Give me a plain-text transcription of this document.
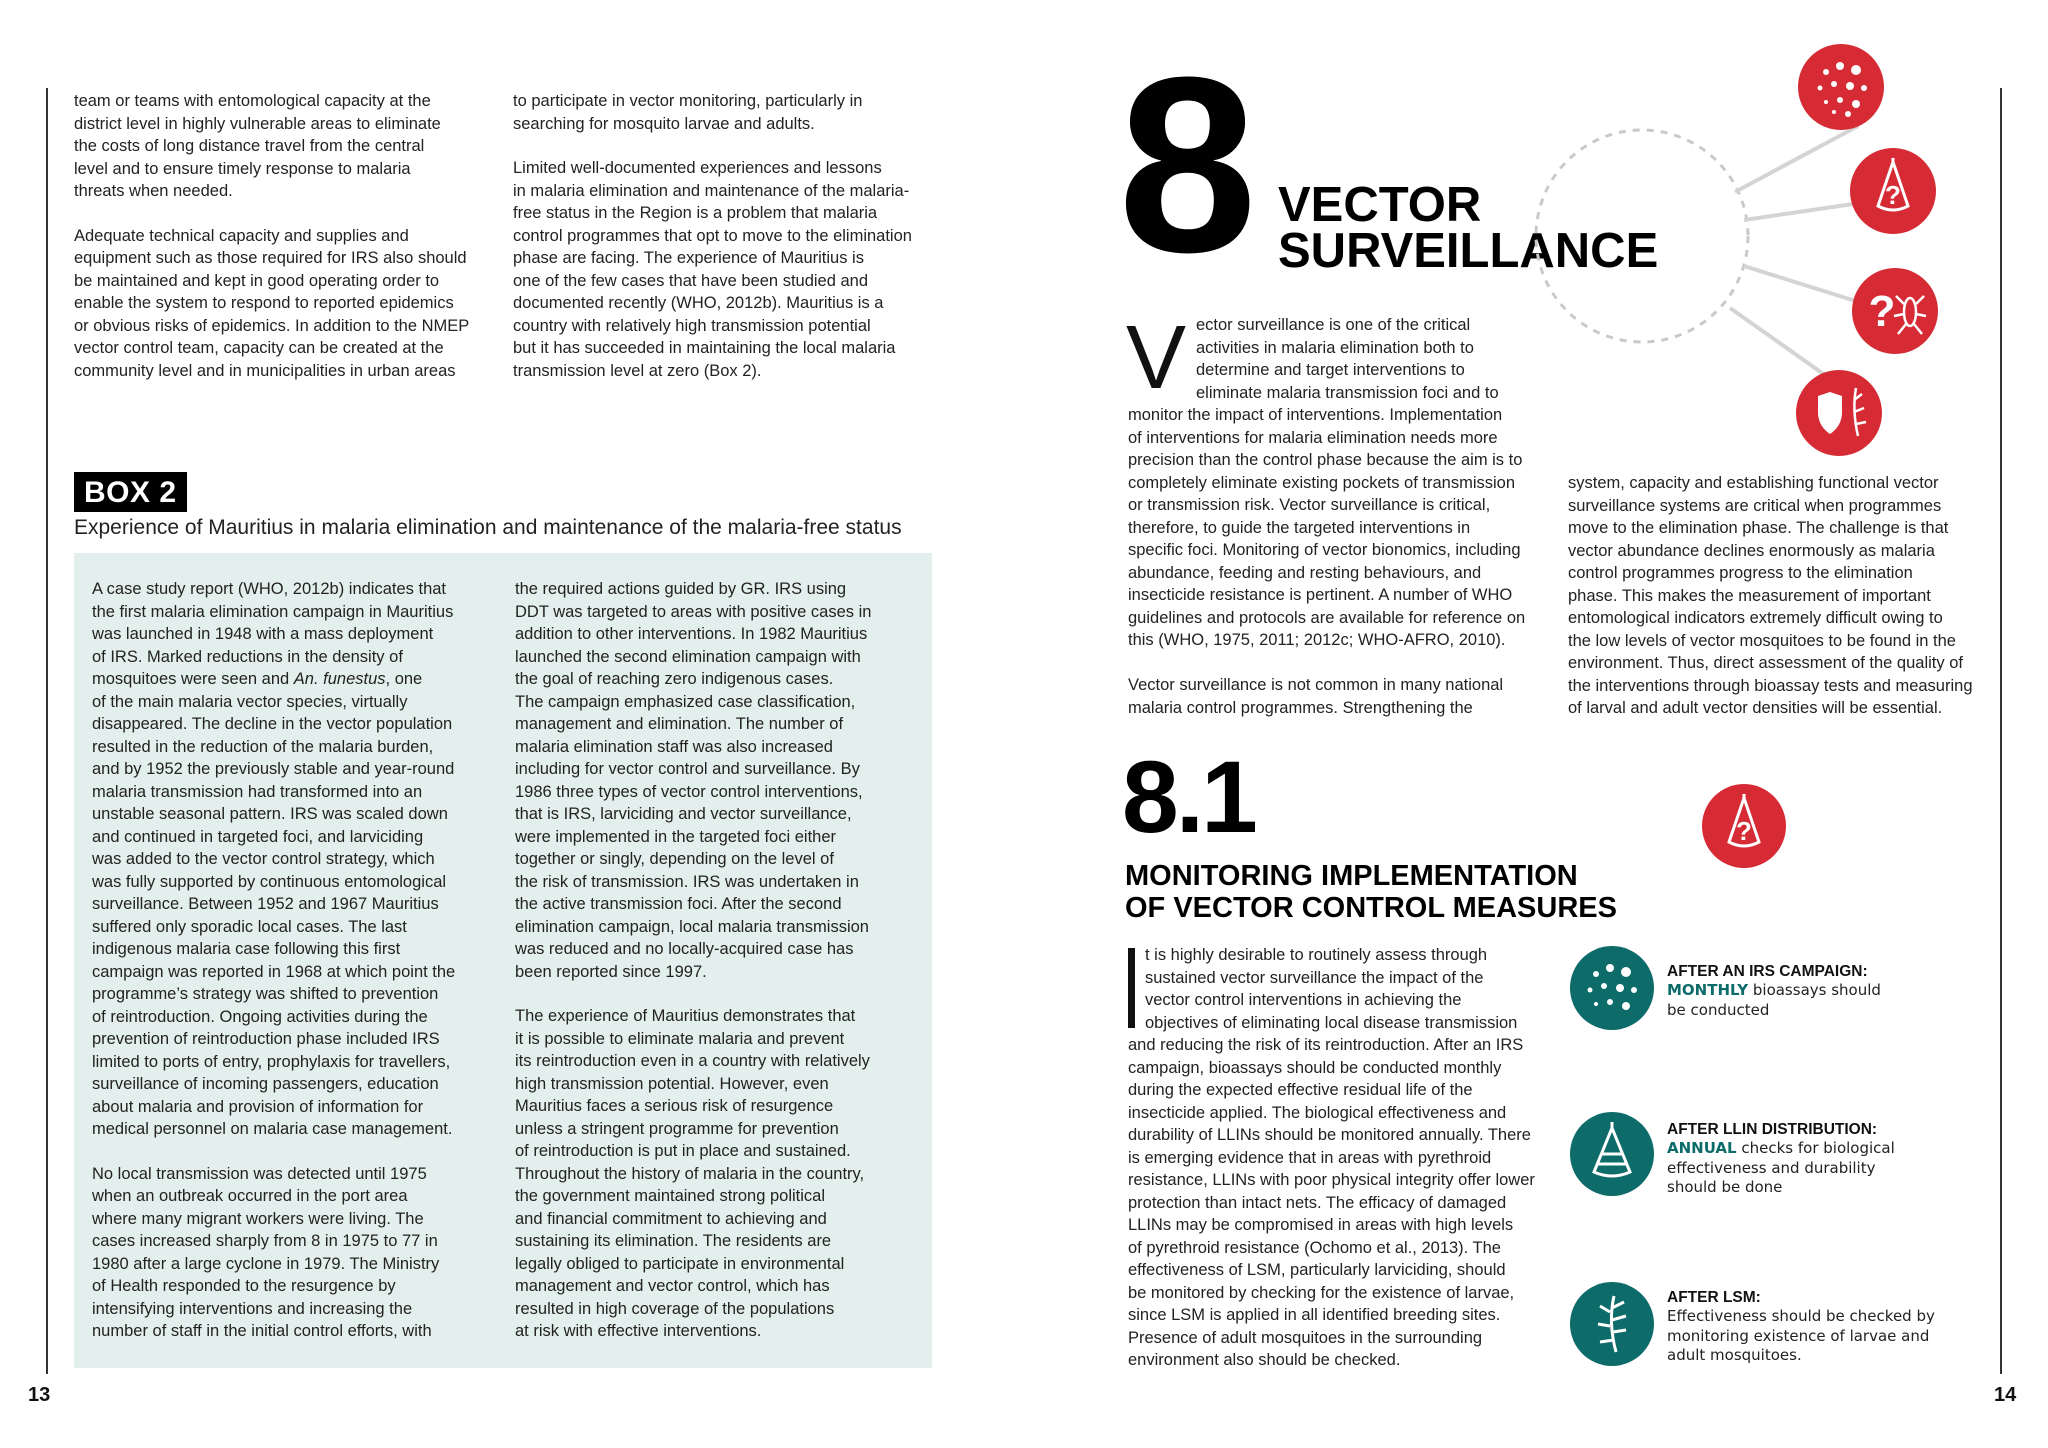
team or teams with entomological capacity at the
district level in highly vulnerable areas to eliminate
the costs of long distance travel from the central
level and to ensure timely response to malaria
threats when needed.

Adequate technical capacity and supplies and
equipment such as those required for IRS also should
be maintained and kept in good operating order to
enable the system to respond to reported epidemics
or obvious risks of epidemics. In addition to the NMEP
vector control team, capacity can be created at the
community level and in municipalities in urban areas

to participate in vector monitoring, particularly in
searching for mosquito larvae and adults.

Limited well-documented experiences and lessons
in malaria elimination and maintenance of the malaria-
free status in the Region is a problem that malaria
control programmes that opt to move to the elimination
phase are facing. The experience of Mauritius is
one of the few cases that have been studied and
documented recently (WHO, 2012b). Mauritius is a
country with relatively high transmission potential
but it has succeeded in maintaining the local malaria
transmission level at zero (Box 2).

BOX 2
Experience of Mauritius in malaria elimination and maintenance of the malaria-free status

A case study report (WHO, 2012b) indicates that
the first malaria elimination campaign in Mauritius
was launched in 1948 with a mass deployment
of IRS. Marked reductions in the density of
mosquitoes were seen and An. funestus, one
of the main malaria vector species, virtually
disappeared. The decline in the vector population
resulted in the reduction of the malaria burden,
and by 1952 the previously stable and year-round
malaria transmission had transformed into an
unstable seasonal pattern. IRS was scaled down
and continued in targeted foci, and larviciding
was added to the vector control strategy, which
was fully supported by continuous entomological
surveillance. Between 1952 and 1967 Mauritius
suffered only sporadic local cases. The last
indigenous malaria case following this first
campaign was reported in 1968 at which point the
programme’s strategy was shifted to prevention
of reintroduction. Ongoing activities during the
prevention of reintroduction phase included IRS
limited to ports of entry, prophylaxis for travellers,
surveillance of incoming passengers, education
about malaria and provision of information for
medical personnel on malaria case management.

No local transmission was detected until 1975
when an outbreak occurred in the port area
where many migrant workers were living. The
cases increased sharply from 8 in 1975 to 77 in
1980 after a large cyclone in 1979. The Ministry
of Health responded to the resurgence by
intensifying interventions and increasing the
number of staff in the initial control efforts, with

the required actions guided by GR. IRS using
DDT was targeted to areas with positive cases in
addition to other interventions. In 1982 Mauritius
launched the second elimination campaign with
the goal of reaching zero indigenous cases.
The campaign emphasized case classification,
management and elimination. The number of
malaria elimination staff was also increased
including for vector control and surveillance. By
1986 three types of vector control interventions,
that is IRS, larviciding and vector surveillance,
were implemented in the targeted foci either
together or singly, depending on the level of
the risk of transmission. IRS was undertaken in
the active transmission foci. After the second
elimination campaign, local malaria transmission
was reduced and no locally-acquired case has
been reported since 1997.

The experience of Mauritius demonstrates that
it is possible to eliminate malaria and prevent
its reintroduction even in a country with relatively
high transmission potential. However, even
Mauritius faces a serious risk of resurgence
unless a stringent programme for prevention
of reintroduction is put in place and sustained.
Throughout the history of malaria in the country,
the government maintained strong political
and financial commitment to achieving and
sustaining its elimination. The residents are
legally obliged to participate in environmental
management and vector control, which has
resulted in high coverage of the populations
at risk with effective interventions.

13
8 VECTOR
SURVEILLANCE
?
?
V ector surveillance is one of the critical
activities in malaria elimination both to
determine and target interventions to
eliminate malaria transmission foci and to

monitor the impact of interventions. Implementation
of interventions for malaria elimination needs more
precision than the control phase because the aim is to
completely eliminate existing pockets of transmission
or transmission risk. Vector surveillance is critical,
therefore, to guide the targeted interventions in
specific foci. Monitoring of vector bionomics, including
abundance, feeding and resting behaviours, and
insecticide resistance is pertinent. A number of WHO
guidelines and protocols are available for reference on
this (WHO, 1975, 2011; 2012c; WHO-AFRO, 2010).

Vector surveillance is not common in many national
malaria control programmes. Strengthening the

system, capacity and establishing functional vector
surveillance systems are critical when programmes
move to the elimination phase. The challenge is that
vector abundance declines enormously as malaria
control programmes progress to the elimination
phase. This makes the measurement of important
entomological indicators extremely difficult owing to
the low levels of vector mosquitoes to be found in the
environment. Thus, direct assessment of the quality of
the interventions through bioassay tests and measuring
of larval and adult vector densities will be essential.

8.1	?
MONITORING IMPLEMENTATION
OF VECTOR CONTROL MEASURES

t is highly desirable to routinely assess through
sustained vector surveillance the impact of the
vector control interventions in achieving the
objectives of eliminating local disease transmission

and reducing the risk of its reintroduction. After an IRS
campaign, bioassays should be conducted monthly
during the expected effective residual life of the
insecticide applied. The biological effectiveness and
durability of LLINs should be monitored annually. There
is emerging evidence that in areas with pyrethroid
resistance, LLINs with poor physical integrity offer lower
protection than intact nets. The efficacy of damaged
LLINs may be compromised in areas with high levels
of pyrethroid resistance (Ochomo et al., 2013). The
effectiveness of LSM, particularly larviciding, should
be monitored by checking for the existence of larvae,
since LSM is applied in all identified breeding sites.
Presence of adult mosquitoes in the surrounding
environment also should be checked.

AFTER AN IRS CAMPAIGN:
MONTHLY bioassays should
be conducted
AFTER LLIN DISTRIBUTION:
ANNUAL checks for biological
effectiveness and durability
should be done
AFTER LSM:
Effectiveness should be checked by
monitoring existence of larvae and
adult mosquitoes.
14
